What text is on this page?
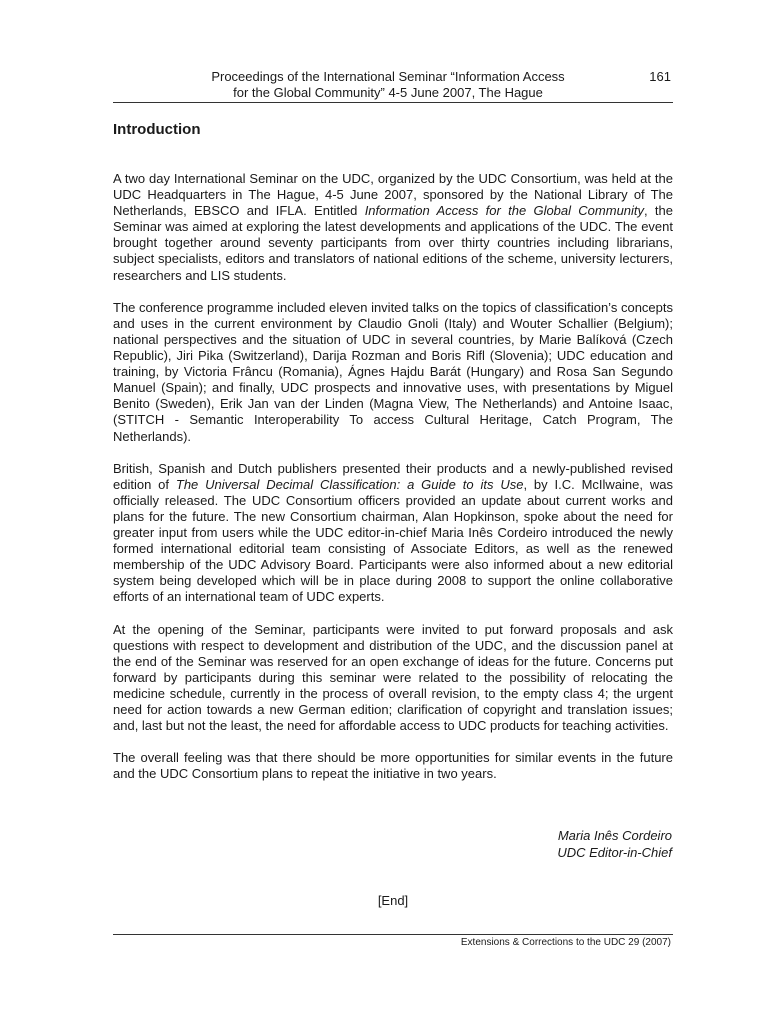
Proceedings of the International Seminar “Information Access
for the Global Community” 4-5 June 2007, The Hague
161
Introduction

A two day International Seminar on the UDC, organized by the UDC Consortium, was held at the UDC Headquarters in The Hague, 4-5 June 2007, sponsored by the National Library of The Netherlands, EBSCO and IFLA. Entitled Information Access for the Global Community, the Seminar was aimed at exploring the latest developments and applications of the UDC. The event brought together around seventy participants from over thirty countries including librarians, subject specialists, editors and translators of national editions of the scheme, university lecturers, researchers and LIS students.

The conference programme included eleven invited talks on the topics of classification’s concepts and uses in the current environment by Claudio Gnoli (Italy) and Wouter Schallier (Belgium); national perspectives and the situation of UDC in several countries, by Marie Balíková (Czech Republic), Jiri Pika (Switzerland), Darija Rozman and Boris Rifl (Slovenia); UDC education and training, by Victoria Frâncu (Romania), Ágnes Hajdu Barát (Hungary) and Rosa San Segundo Manuel (Spain); and finally, UDC prospects and innovative uses, with presentations by Miguel Benito (Sweden), Erik Jan van der Linden (Magna View, The Netherlands) and Antoine Isaac, (STITCH - Semantic Interoperability To access Cultural Heritage, Catch Program, The Netherlands).

British, Spanish and Dutch publishers presented their products and a newly-published revised edition of The Universal Decimal Classification: a Guide to its Use, by I.C. McIlwaine, was officially released. The UDC Consortium officers provided an update about current works and plans for the future. The new Consortium chairman, Alan Hopkinson, spoke about the need for greater input from users while the UDC editor-in-chief Maria Inês Cordeiro introduced the newly formed international editorial team consisting of Associate Editors, as well as the renewed membership of the UDC Advisory Board. Participants were also informed about a new editorial system being developed which will be in place during 2008 to support the online collaborative efforts of an international team of UDC experts.

At the opening of the Seminar, participants were invited to put forward proposals and ask questions with respect to development and distribution of the UDC, and the discussion panel at the end of the Seminar was reserved for an open exchange of ideas for the future. Concerns put forward by participants during this seminar were related to the possibility of relocating the medicine schedule, currently in the process of overall revision, to the empty class 4; the urgent need for action towards a new German edition; clarification of copyright and translation issues; and, last but not the least, the need for affordable access to UDC products for teaching activities.

The overall feeling was that there should be more opportunities for similar events in the future and the UDC Consortium plans to repeat the initiative in two years.

Maria Inês Cordeiro
UDC Editor-in-Chief
[End]
Extensions & Corrections to the UDC 29 (2007)
